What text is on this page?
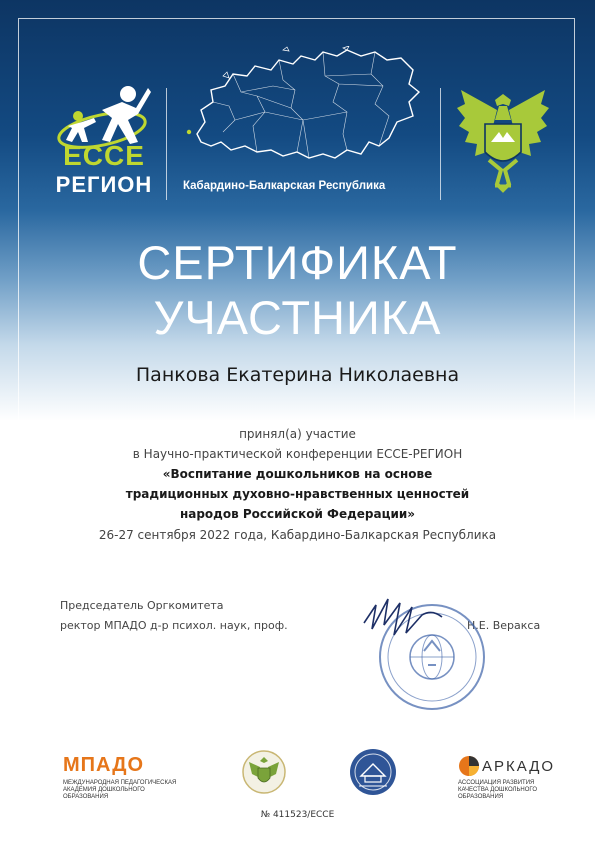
ECCE
РЕГИОН	Кабардино-Балкарская Республика
СЕРТИФИКАТ
УЧАСТНИКА
Панкова Екатерина Николаевна
принял(а) участие
в Научно-практической конференции ЕССЕ-РЕГИОН
«Воспитание дошкольников на основе
традиционных духовно-нравственных ценностей
народов Российской Федерации»
26-27 сентября 2022 года, Кабардино-Балкарская Республика
Председатель Оргкомитета
ректор МПАДО д-р психол. наук, проф.	Н.Е. Веракса
МПАДО
МЕЖДУНАРОДНАЯ ПЕДАГОГИЧЕСКАЯ АКАДЕМИЯ ДОШКОЛЬНОГО ОБРАЗОВАНИЯ
АРКАДО
АССОЦИАЦИЯ РАЗВИТИЯ КАЧЕСТВА ДОШКОЛЬНОГО ОБРАЗОВАНИЯ
№ 411523/ЕССЕ
